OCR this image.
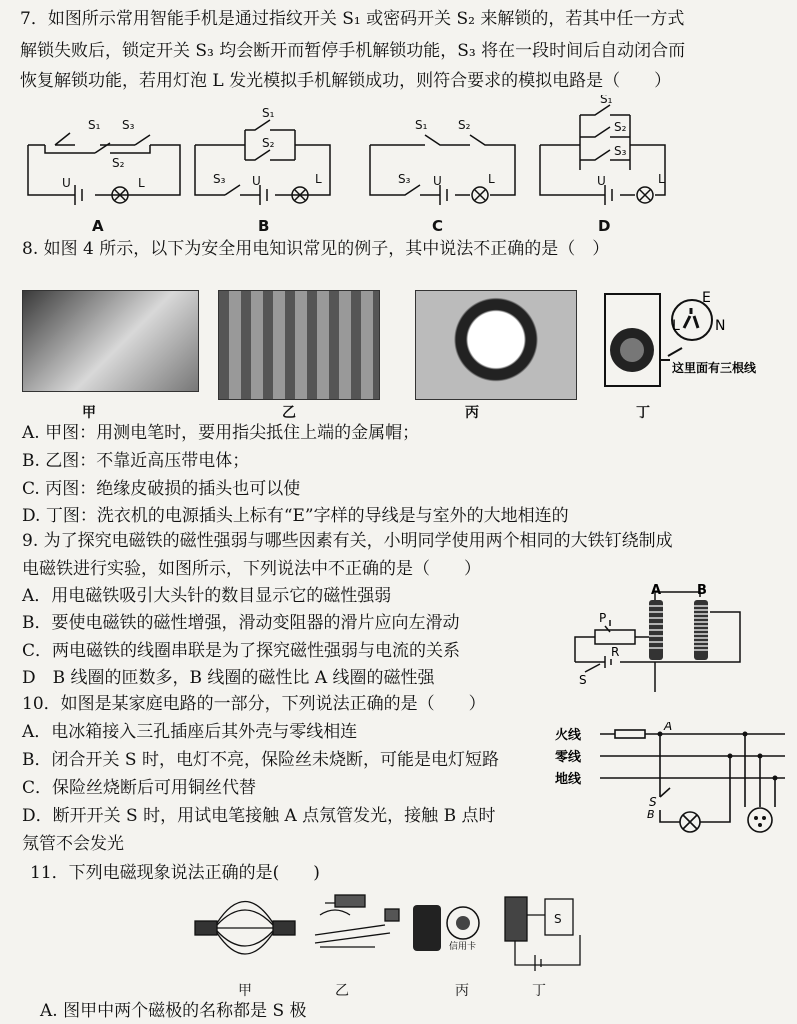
7．如图所示常用智能手机是通过指纹开关 S₁ 或密码开关 S₂ 来解锁的，若其中任一方式
解锁失败后，锁定开关 S₃ 均会断开而暂停手机解锁功能，S₃ 将在一段时间后自动闭合而
恢复解锁功能，若用灯泡 L 发光模拟手机解锁成功，则符合要求的模拟电路是（　　）
S₁ S₃
S₂
U	L
S₁
S₂
S₃ U	L
S₁	S₂
S₃ U	L
S₁
S₂
S₃
U	L
A	B	C	D
8. 如图 4 所示，以下为安全用电知识常见的例子，其中说法不正确的是（　）
E
L	N
这里面有三根线
甲	乙	丙	丁
A. 甲图：用测电笔时，要用指尖抵住上端的金属帽；
B. 乙图：不靠近高压带电体；
C. 丙图：绝缘皮破损的插头也可以使
D. 丁图：洗衣机的电源插头上标有“E”字样的导线是与室外的大地相连的
9. 为了探究电磁铁的磁性强弱与哪些因素有关，小明同学使用两个相同的大铁钉绕制成
电磁铁进行实验，如图所示，下列说法中不正确的是（　　）
A．用电磁铁吸引大头针的数目显示它的磁性强弱
B．要使电磁铁的磁性增强，滑动变阻器的滑片应向左滑动
C．两电磁铁的线圈串联是为了探究磁性强弱与电流的关系
D　B 线圈的匝数多，B 线圈的磁性比 A 线圈的磁性强
A	B
P
R
S
10．如图是某家庭电路的一部分，下列说法正确的是（　　）
A．电冰箱接入三孔插座后其外壳与零线相连
B．闭合开关 S 时，电灯不亮，保险丝未烧断，可能是电灯短路
C．保险丝烧断后可用铜丝代替
D．断开开关 S 时，用试电笔接触 A 点氖管发光，接触 B 点时
氖管不会发光
火线
零线
地线
A
B
S
11．下列电磁现象说法正确的是(　　)
信用卡
S
甲	乙	丙	丁
A. 图甲中两个磁极的名称都是 S 极
